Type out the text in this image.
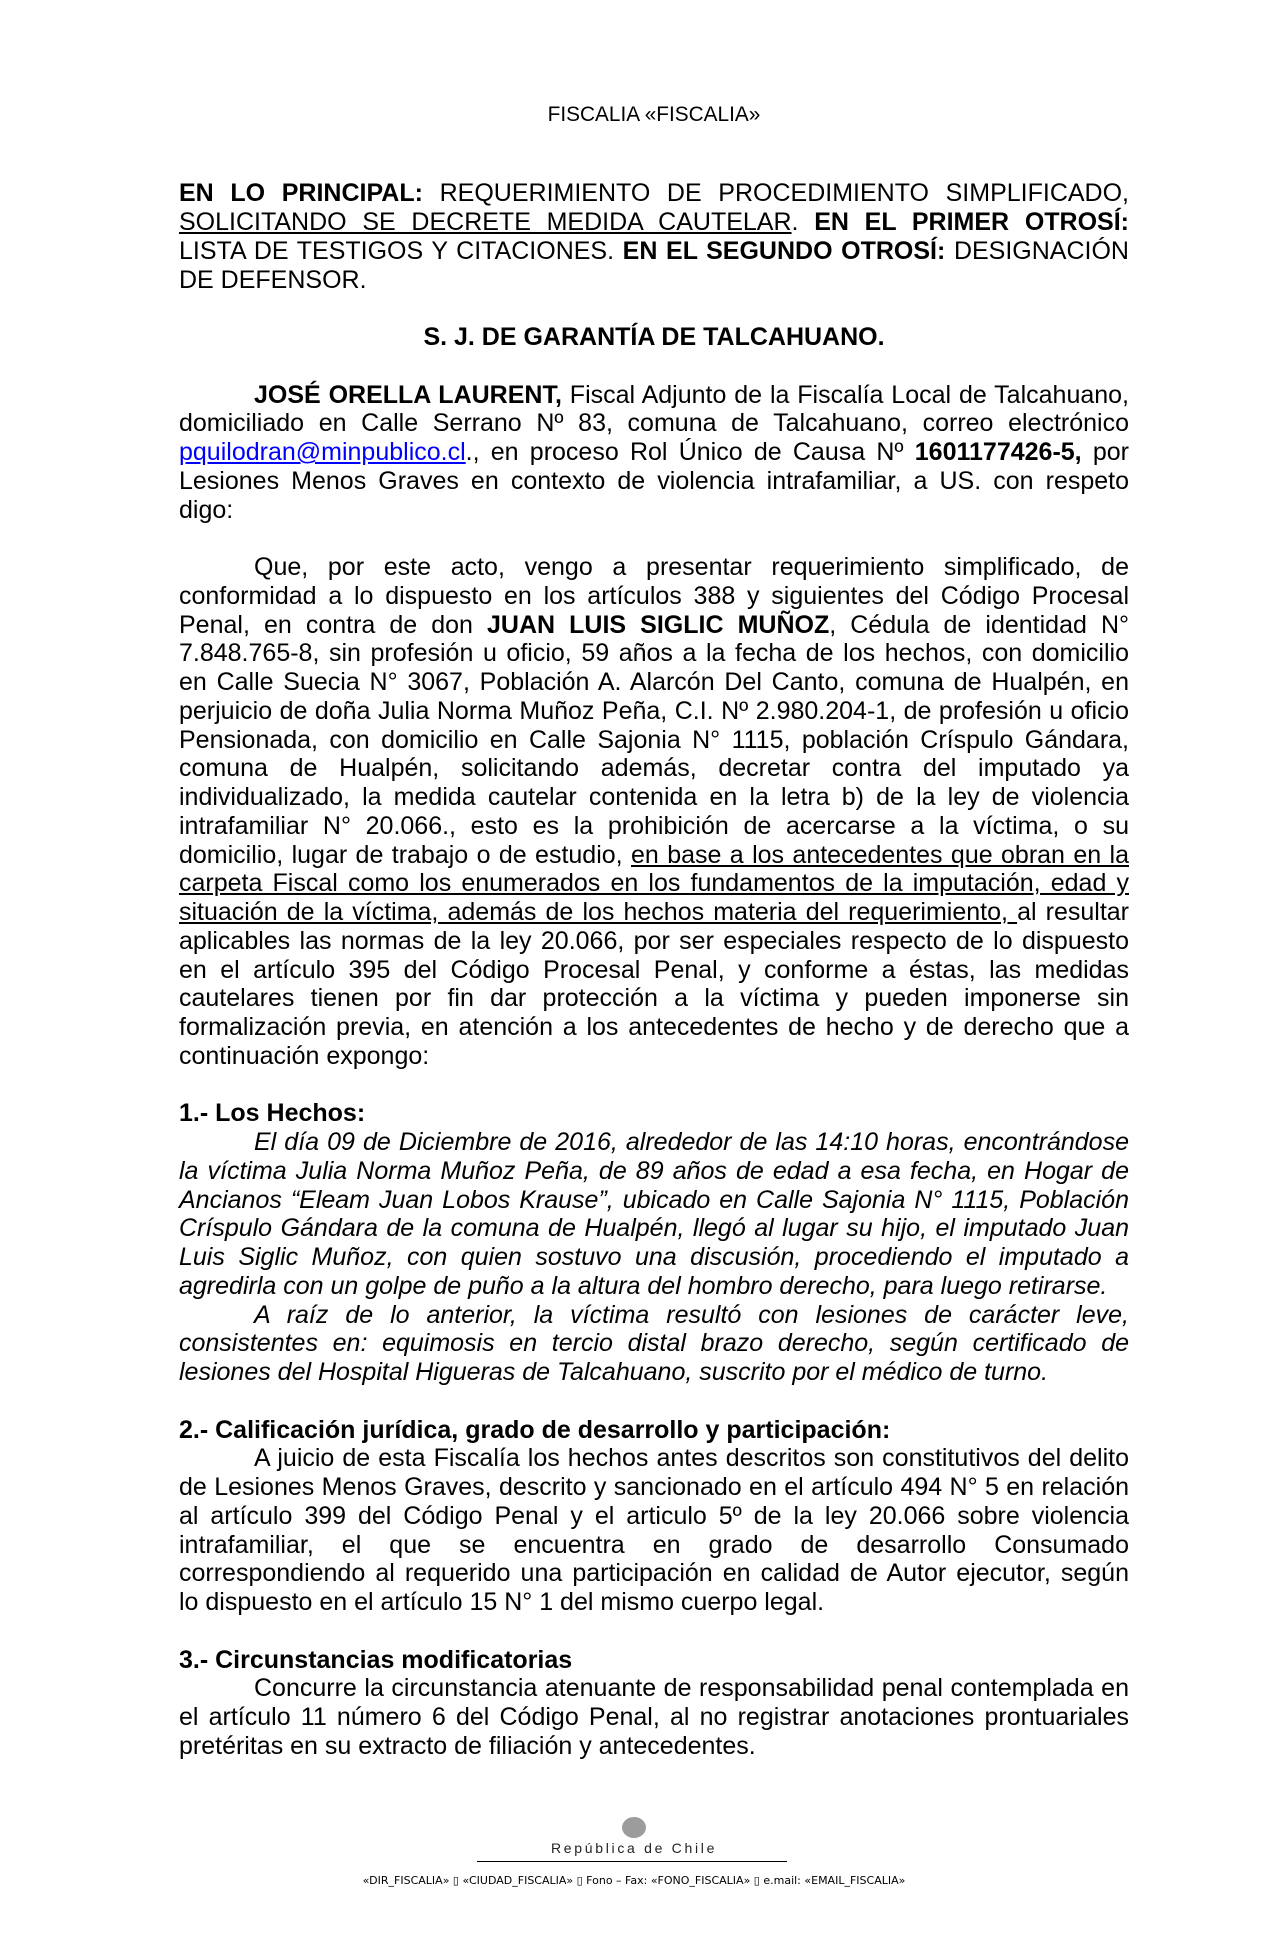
FISCALIA «FISCALIA»
EN LO PRINCIPAL: REQUERIMIENTO DE PROCEDIMIENTO SIMPLIFICADO,
SOLICITANDO SE DECRETE MEDIDA CAUTELAR. EN EL PRIMER OTROSÍ:
LISTA DE TESTIGOS Y CITACIONES. EN EL SEGUNDO OTROSÍ: DESIGNACIÓN
DE DEFENSOR.
S. J. DE GARANTÍA DE TALCAHUANO.
JOSÉ ORELLA LAURENT, Fiscal Adjunto de la Fiscalía Local de Talcahuano,
domiciliado en Calle Serrano Nº 83, comuna de Talcahuano, correo electrónico
pquilodran@minpublico.cl., en proceso Rol Único de Causa Nº 1601177426-5, por
Lesiones Menos Graves en contexto de violencia intrafamiliar, a US. con respeto
digo:
Que, por este acto, vengo a presentar requerimiento simplificado, de
conformidad a lo dispuesto en los artículos 388 y siguientes del Código Procesal
Penal, en contra de don JUAN LUIS SIGLIC MUÑOZ, Cédula de identidad N°
7.848.765-8, sin profesión u oficio, 59 años a la fecha de los hechos, con domicilio
en Calle Suecia N° 3067, Población A. Alarcón Del Canto, comuna de Hualpén, en
perjuicio de doña Julia Norma Muñoz Peña, C.I. Nº 2.980.204-1, de profesión u oficio
Pensionada, con domicilio en Calle Sajonia N° 1115, población Críspulo Gándara,
comuna de Hualpén, solicitando además, decretar contra del imputado ya
individualizado, la medida cautelar contenida en la letra b) de la ley de violencia
intrafamiliar N° 20.066., esto es la prohibición de acercarse a la víctima, o su
domicilio, lugar de trabajo o de estudio, en base a los antecedentes que obran en la
carpeta Fiscal como los enumerados en los fundamentos de la imputación, edad y
situación de la víctima, además de los hechos materia del requerimiento, al resultar
aplicables las normas de la ley 20.066, por ser especiales respecto de lo dispuesto
en el artículo 395 del Código Procesal Penal, y conforme a éstas, las medidas
cautelares tienen por fin dar protección a la víctima y pueden imponerse sin
formalización previa, en atención a los antecedentes de hecho y de derecho que a
continuación expongo:
1.- Los Hechos:
El día 09 de Diciembre de 2016, alrededor de las 14:10 horas, encontrándose
la víctima Julia Norma Muñoz Peña, de 89 años de edad a esa fecha, en Hogar de
Ancianos “Eleam Juan Lobos Krause”, ubicado en Calle Sajonia N° 1115, Población
Críspulo Gándara de la comuna de Hualpén, llegó al lugar su hijo, el imputado Juan
Luis Siglic Muñoz, con quien sostuvo una discusión, procediendo el imputado a
agredirla con un golpe de puño a la altura del hombro derecho, para luego retirarse.
A raíz de lo anterior, la víctima resultó con lesiones de carácter leve,
consistentes en: equimosis en tercio distal brazo derecho, según certificado de
lesiones del Hospital Higueras de Talcahuano, suscrito por el médico de turno.
2.- Calificación jurídica, grado de desarrollo y participación:
A juicio de esta Fiscalía los hechos antes descritos son constitutivos del delito
de Lesiones Menos Graves, descrito y sancionado en el artículo 494 N° 5 en relación
al artículo 399 del Código Penal y el articulo 5º de la ley 20.066 sobre violencia
intrafamiliar, el que se encuentra en grado de desarrollo Consumado
correspondiendo al requerido una participación en calidad de Autor ejecutor, según
lo dispuesto en el artículo 15 N° 1 del mismo cuerpo legal.
3.- Circunstancias modificatorias
Concurre la circunstancia atenuante de responsabilidad penal contemplada en
el artículo 11 número 6 del Código Penal, al no registrar anotaciones prontuariales
pretéritas en su extracto de filiación y antecedentes.
República de Chile
«DIR_FISCALIA» ▯ «CIUDAD_FISCALIA» ▯ Fono – Fax: «FONO_FISCALIA» ▯ e.mail: «EMAIL_FISCALIA»
